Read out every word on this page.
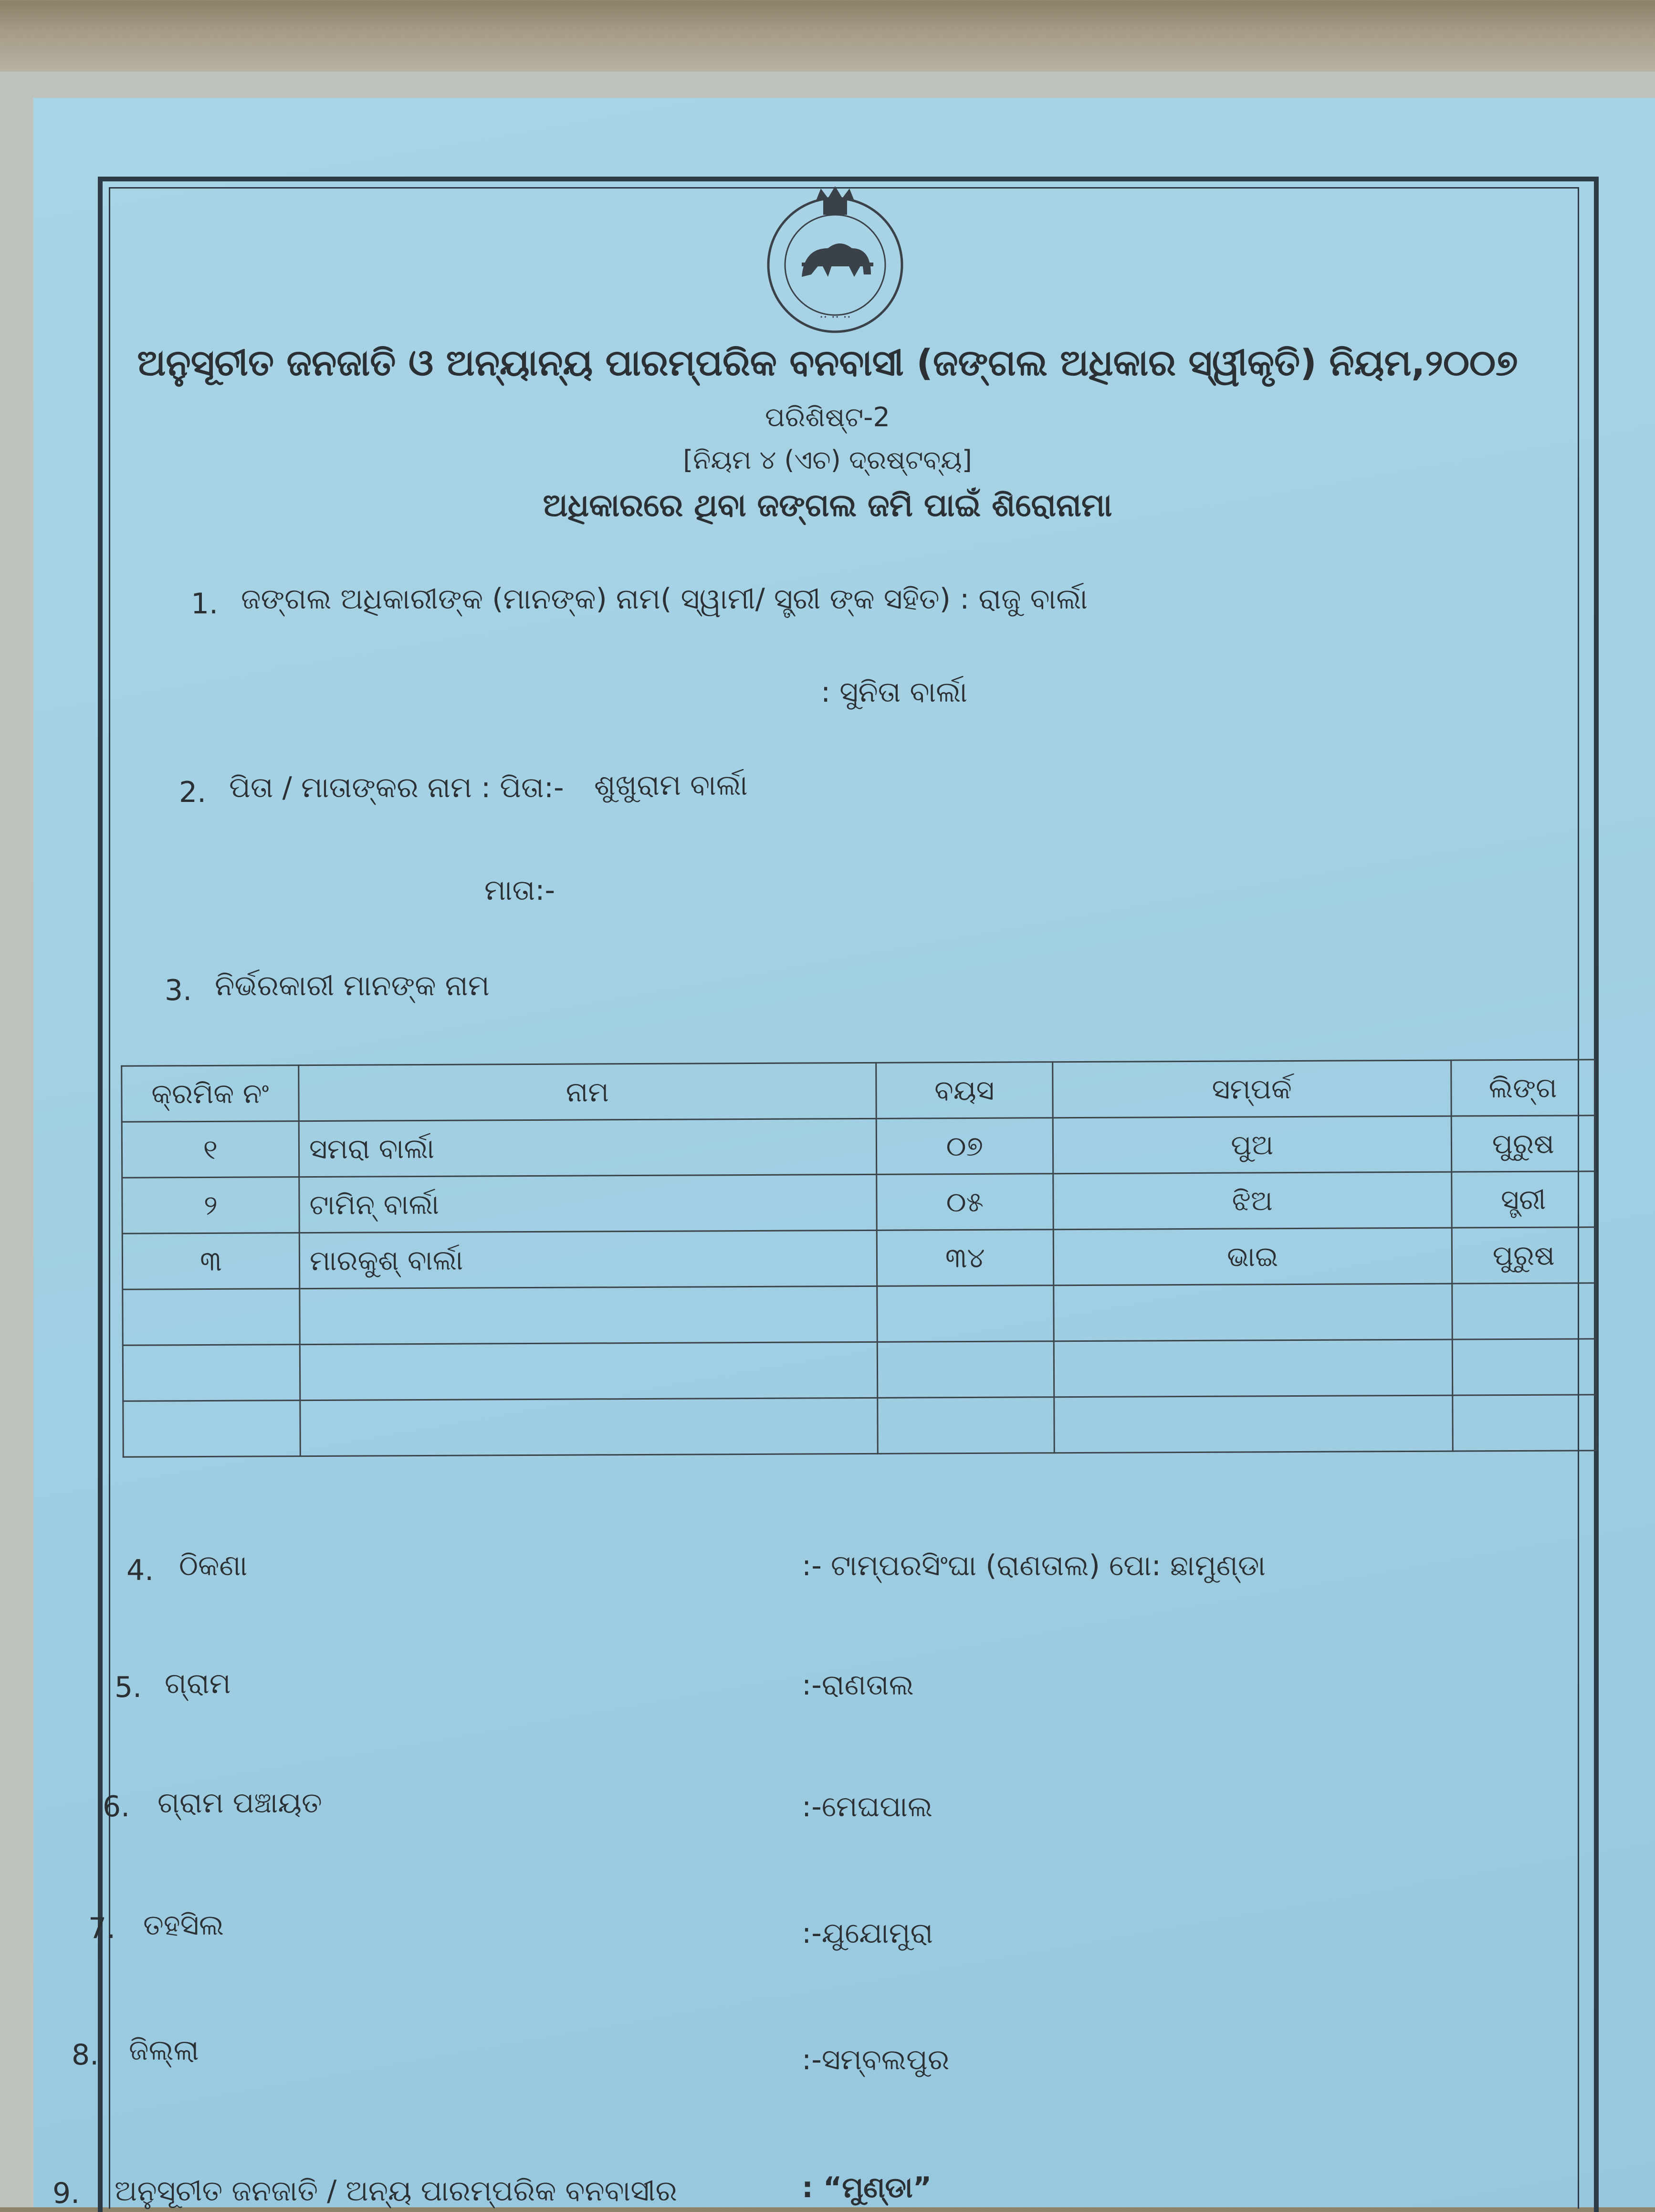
·· ·· ··
ଅନୁସୂଚୀତ ଜନଜାତି ଓ ଅନ୍ୟାନ୍ୟ ପାରମ୍ପରିକ ବନବାସୀ (ଜଙ୍ଗଲ ଅଧିକାର ସ୍ୱୀକୃତି) ନିୟମ,୨୦୦୭
ପରିଶିଷ୍ଟ-2
[ନିୟମ ୪ (ଏଚ) ଦ୍ରଷ୍ଟବ୍ୟ]
ଅଧିକାରରେ ଥିବା ଜଙ୍ଗଲ ଜମି ପାଇଁ ଶିରୋନାମା
1. ଜଙ୍ଗଲ ଅଧିକାରୀଙ୍କ (ମାନଙ୍କ) ନାମ( ସ୍ୱାମୀ/ ସ୍ତ୍ରୀ ଙ୍କ ସହିତ) : ରାଜୁ ବାର୍ଲା
: ସୁନିତା ବାର୍ଲା
2. ପିତା / ମାତାଙ୍କର ନାମ : ପିତା:- ଶୁଖୁରାମ ବାର୍ଲା
ମାତା:-
3. ନିର୍ଭରକାରୀ ମାନଙ୍କ ନାମ
କ୍ରମିକ ନଂ	ନାମ	ବୟସ	ସମ୍ପର୍କ	ଲିଙ୍ଗ
୧	ସମରା ବାର୍ଲା	୦୭	ପୁଅ	ପୁରୁଷ
୨	ଟାମିନ୍ ବାର୍ଲା	୦୫	ଝିଅ	ସ୍ତ୍ରୀ
୩	ମାରକୁଶ୍ ବାର୍ଲା	୩୪	ଭାଇ	ପୁରୁଷ

4. ଠିକଣା	:- ଟାମ୍ପରସିଂଘା (ରାଣତାଲ) ପୋ: ଛାମୁଣ୍ଡା
5. ଗ୍ରାମ	:-ରାଣତାଲ
6. ଗ୍ରାମ ପଞ୍ଚାୟତ	:-ମେଘପାଲ
7. ତହସିଲ	:-ଯୁଯୋମୁରା
8. ଜିଲ୍ଲା	:-ସମ୍ବଲପୁର
9. ଅନୁସୂଚୀତ ଜନଜାତି / ଅନ୍ୟ ପାରମ୍ପରିକ ବନବାସୀର	: “ମୁଣ୍ଡା”
